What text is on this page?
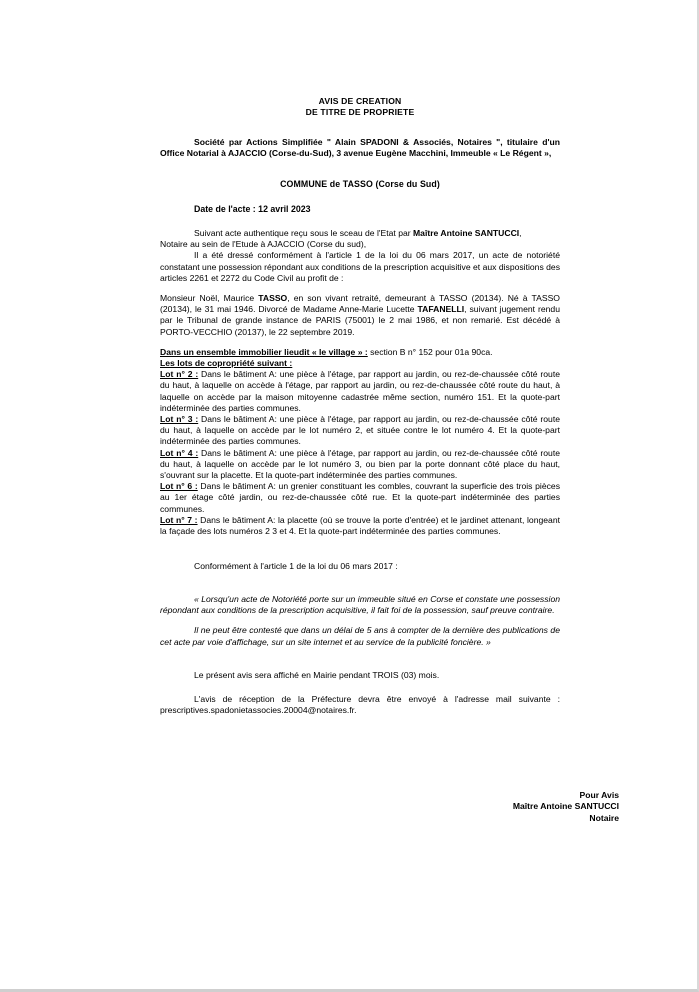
AVIS DE CREATION
DE TITRE DE PROPRIETE
Société par Actions Simplifiée " Alain SPADONI & Associés, Notaires ", titulaire d'un Office Notarial à AJACCIO (Corse-du-Sud), 3 avenue Eugène Macchini, Immeuble « Le Régent »,
COMMUNE de TASSO (Corse du Sud)
Date de l'acte : 12 avril 2023

Suivant acte authentique reçu sous le sceau de l'Etat par Maître Antoine SANTUCCI,

Notaire au sein de l'Etude à AJACCIO (Corse du sud),

Il a été dressé conformément à l'article 1 de la loi du 06 mars 2017, un acte de notoriété constatant une possession répondant aux conditions de la prescription acquisitive et aux dispositions des articles 2261 et 2272 du Code Civil au profit de :

Monsieur Noël, Maurice TASSO, en son vivant retraité, demeurant à TASSO (20134). Né à TASSO (20134), le 31 mai 1946. Divorcé de Madame Anne-Marie Lucette TAFANELLI, suivant jugement rendu par le Tribunal de grande instance de PARIS (75001) le 2 mai 1986, et non remarié. Est décédé à PORTO-VECCHIO (20137), le 22 septembre 2019.

Dans un ensemble immobilier lieudit « le village » : section B n° 152 pour 01a 90ca.

Les lots de copropriété suivant :

Lot n° 2 : Dans le bâtiment A: une pièce à l'étage, par rapport au jardin, ou rez-de-chaussée côté route du haut, à laquelle on accède à l'étage, par rapport au jardin, ou rez-de-chaussée côté route du haut, à laquelle on accède par la maison mitoyenne cadastrée même section, numéro 151. Et la quote-part indéterminée des parties communes.

Lot n° 3 : Dans le bâtiment A: une pièce à l'étage, par rapport au jardin, ou rez-de-chaussée côté route du haut, à laquelle on accède par le lot numéro 2, et située contre le lot numéro 4. Et la quote-part indéterminée des parties communes.

Lot n° 4 : Dans le bâtiment A: une pièce à l'étage, par rapport au jardin, ou rez-de-chaussée côté route du haut, à laquelle on accède par le lot numéro 3, ou bien par la porte donnant côté place du haut, s'ouvrant sur la placette. Et la quote-part indéterminée des parties communes.

Lot n° 6 : Dans le bâtiment A: un grenier constituant les combles, couvrant la superficie des trois pièces au 1er étage côté jardin, ou rez-de-chaussée côté rue. Et la quote-part indéterminée des parties communes.

Lot n° 7 : Dans le bâtiment A: la placette (où se trouve la porte d'entrée) et le jardinet attenant, longeant la façade des lots numéros 2 3 et 4. Et la quote-part indéterminée des parties communes.

Conformément à l'article 1 de la loi du 06 mars 2017 :

« Lorsqu'un acte de Notoriété porte sur un immeuble situé en Corse et constate une possession répondant aux conditions de la prescription acquisitive, il fait foi de la possession, sauf preuve contraire.

Il ne peut être contesté que dans un délai de 5 ans à compter de la dernière des publications de cet acte par voie d'affichage, sur un site internet et au service de la publicité foncière. »

Le présent avis sera affiché en Mairie pendant TROIS (03) mois.

L'avis de réception de la Préfecture devra être envoyé à l'adresse mail suivante : prescriptives.spadonietassocies.20004@notaires.fr.

Pour Avis
Maître Antoine SANTUCCI
Notaire
